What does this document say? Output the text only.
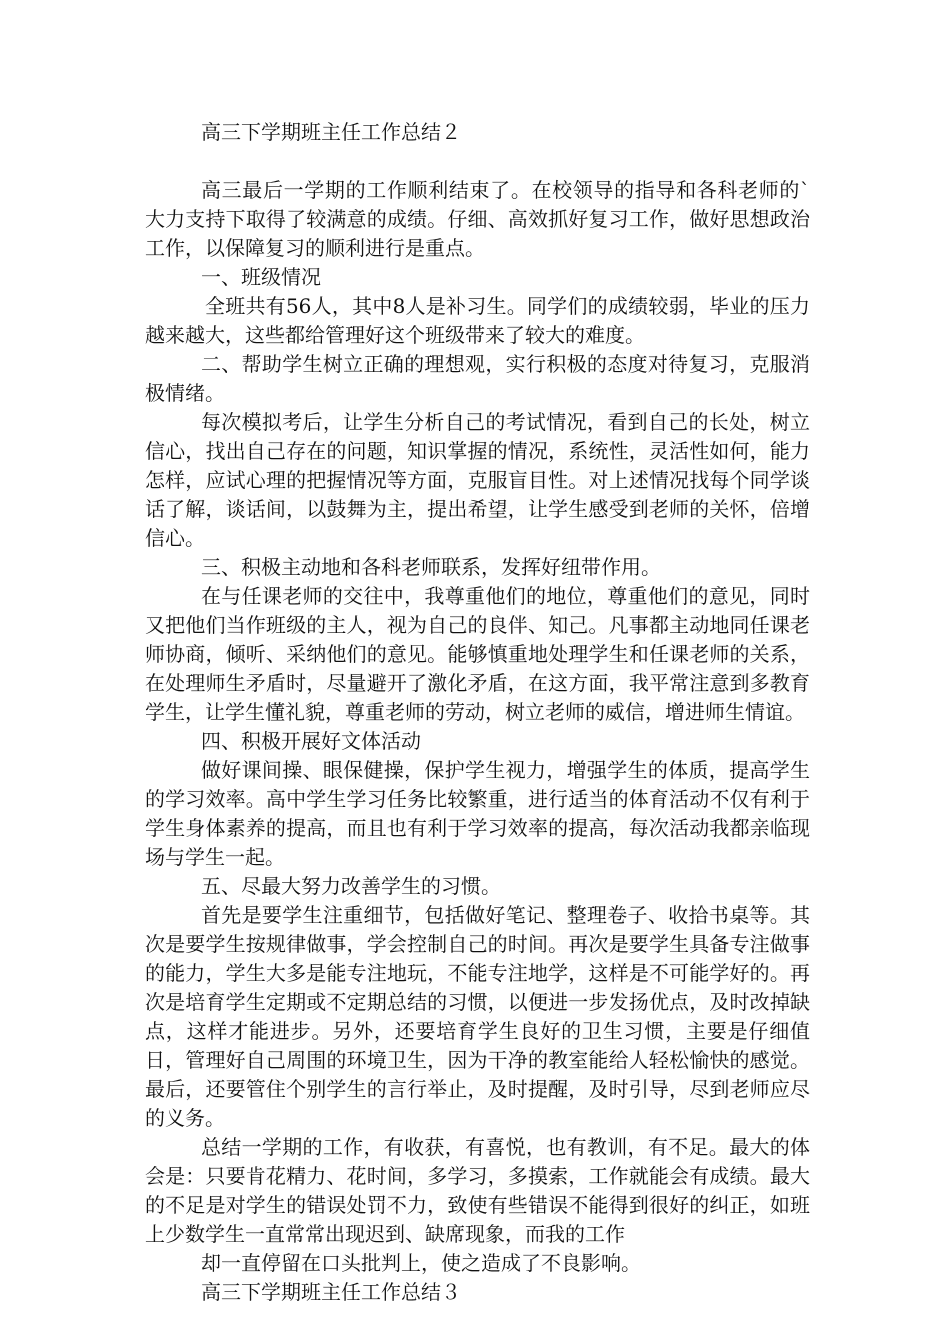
高三下学期班主任工作总结２

高三最后一学期的工作顺利结束了。在校领导的指导和各科老师的`大力支持下取得了较满意的成绩。仔细、高效抓好复习工作，做好思想政治工作，以保障复习的顺利进行是重点。

一、班级情况

全班共有56人，其中8人是补习生。同学们的成绩较弱，毕业的压力越来越大，这些都给管理好这个班级带来了较大的难度。

二、帮助学生树立正确的理想观，实行积极的态度对待复习，克服消极情绪。

每次模拟考后，让学生分析自己的考试情况，看到自己的长处，树立信心，找出自己存在的问题，知识掌握的情况，系统性，灵活性如何，能力怎样，应试心理的把握情况等方面，克服盲目性。对上述情况找每个同学谈话了解，谈话间，以鼓舞为主，提出希望，让学生感受到老师的关怀，倍增信心。

三、积极主动地和各科老师联系，发挥好纽带作用。

在与任课老师的交往中，我尊重他们的地位，尊重他们的意见，同时又把他们当作班级的主人，视为自己的良伴、知己。凡事都主动地同任课老师协商，倾听、采纳他们的意见。能够慎重地处理学生和任课老师的关系，在处理师生矛盾时，尽量避开了激化矛盾，在这方面，我平常注意到多教育学生，让学生懂礼貌，尊重老师的劳动，树立老师的威信，增进师生情谊。

四、积极开展好文体活动

做好课间操、眼保健操，保护学生视力，增强学生的体质，提高学生的学习效率。高中学生学习任务比较繁重，进行适当的体育活动不仅有利于学生身体素养的提高，而且也有利于学习效率的提高，每次活动我都亲临现场与学生一起。

五、尽最大努力改善学生的习惯。

首先是要学生注重细节，包括做好笔记、整理卷子、收拾书桌等。其次是要学生按规律做事，学会控制自己的时间。再次是要学生具备专注做事的能力，学生大多是能专注地玩，不能专注地学，这样是不可能学好的。再次是培育学生定期或不定期总结的习惯，以便进一步发扬优点，及时改掉缺点，这样才能进步。另外，还要培育学生良好的卫生习惯，主要是仔细值日，管理好自己周围的环境卫生，因为干净的教室能给人轻松愉快的感觉。最后，还要管住个别学生的言行举止，及时提醒，及时引导，尽到老师应尽的义务。

总结一学期的工作，有收获，有喜悦，也有教训，有不足。最大的体会是：只要肯花精力、花时间，多学习，多摸索，工作就能会有成绩。最大的不足是对学生的错误处罚不力，致使有些错误不能得到很好的纠正，如班上少数学生一直常常出现迟到、缺席现象，而我的工作

却一直停留在口头批判上，使之造成了不良影响。

高三下学期班主任工作总结３
